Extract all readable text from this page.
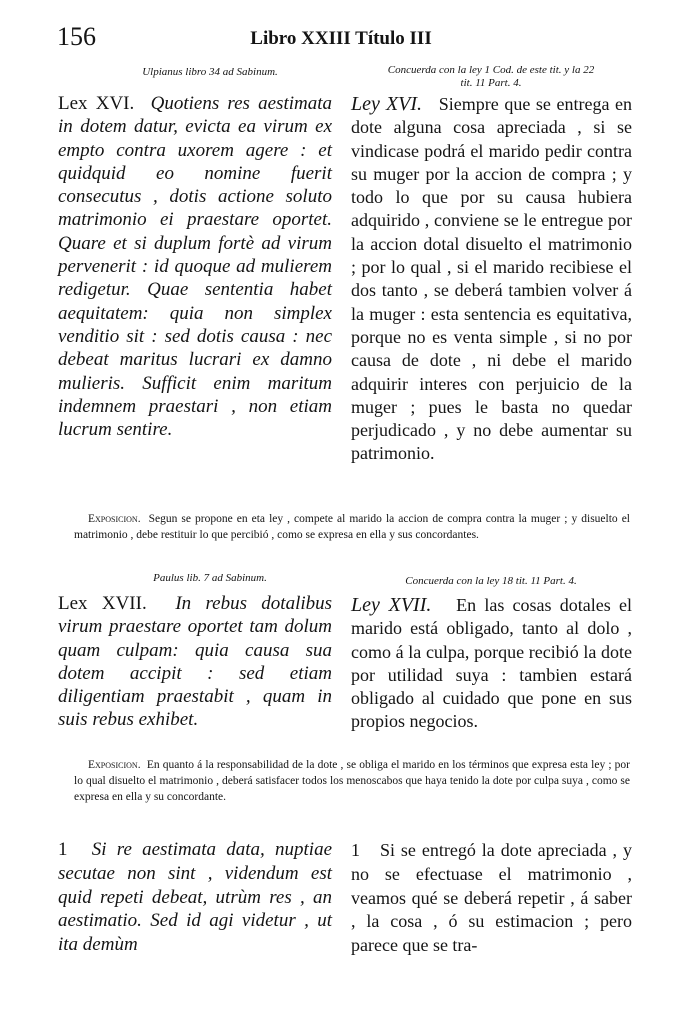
156	Libro XXIII Título III
Ulpianus libro 34 ad Sabinum.	Concuerda con la ley 1 Cod. de este tit. y la 22
tit. 11 Part. 4.
Lex XVI. Quotiens res aestimata in dotem datur, evicta ea virum ex empto contra uxorem agere : et quidquid eo nomine fuerit consecutus , dotis actione soluto matrimonio ei praestare oportet. Quare et si duplum fortè ad virum pervenerit : id quoque ad mulierem redigetur. Quae sententia habet aequitatem: quia non simplex venditio sit : sed dotis causa : nec debeat maritus lucrari ex damno mulieris. Sufficit enim maritum indemnem praestari , non etiam lucrum sentire.
Ley XVI. Siempre que se entrega en dote alguna cosa apreciada , si se vindicase podrá el marido pedir contra su muger por la accion de compra ; y todo lo que por su causa hubiera adquirido , conviene se le entregue por la accion dotal disuelto el matrimonio ; por lo qual , si el marido recibiese el dos tanto , se deberá tambien volver á la muger : esta sentencia es equitativa, porque no es venta simple , si no por causa de dote , ni debe el marido adquirir interes con perjuicio de la muger ; pues le basta no quedar perjudicado , y no debe aumentar su patrimonio.
Exposicion. Segun se propone en eta ley , compete al marido la accion de compra contra la muger ; y disuelto el matrimonio , debe restituir lo que percibió , como se expresa en ella y sus concordantes.
Paulus lib. 7 ad Sabinum.	Concuerda con la ley 18 tit. 11 Part. 4.
Lex XVII. In rebus dotalibus virum praestare oportet tam dolum quam culpam: quia causa sua dotem accipit : sed etiam diligentiam praestabit , quam in suis rebus exhibet.
Ley XVII. En las cosas dotales el marido está obligado, tanto al dolo , como á la culpa, porque recibió la dote por utilidad suya : tambien estará obligado al cuidado que pone en sus propios negocios.
Exposicion. En quanto á la responsabilidad de la dote , se obliga el marido en los términos que expresa esta ley ; por lo qual disuelto el matrimonio , deberá satisfacer todos los menoscabos que haya tenido la dote por culpa suya , como se expresa en ella y su concordante.
1 Si re aestimata data, nuptiae secutae non sint , videndum est quid repeti debeat, utrùm res , an aestimatio. Sed id agi videtur , ut ita demùm
1 Si se entregó la dote apreciada , y no se efectuase el matrimonio , veamos qué se deberá repetir , á saber , la cosa , ó su estimacion ; pero parece que se tra-
